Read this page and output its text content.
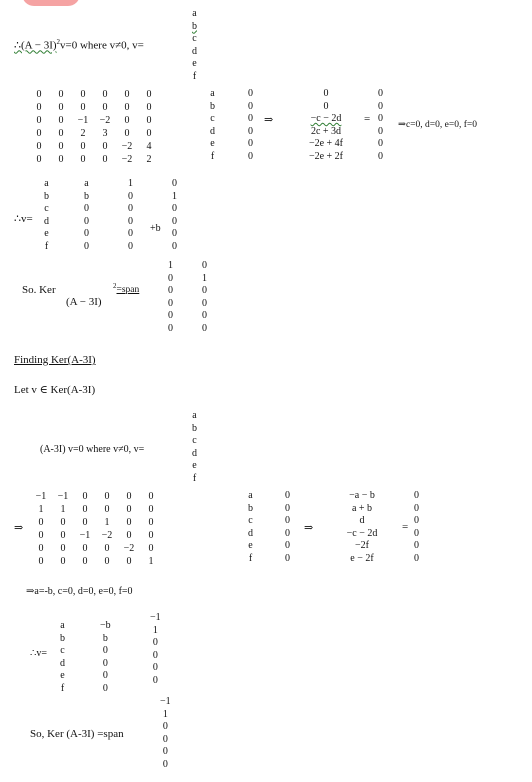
∴(A − 3I)$^2$v=0 where v≠0, v=
a
b
c
d
e
f
0	0	0	0	0	0
0	0	0	0	0	0
0	0	−1	−2	0	0
0	0	2	3	0	0
0	0	0	0	−2	4
0	0	0	0	−2	2
a
b
c
d
e
f
0
0
0
0
0
0
⇒
0
0
−c − 2d
2c + 3d
−2e + 4f
−2e + 2f
=
0
0
0
0
0
0
⇒c=0, d=0, e=0, f=0
∴v=
a
b
c
d
e
f
a
b
0
0
0
0
1
0
0
0
0
0
+b
0
1
0
0
0
0
So. Ker
(A − 3I)
$^2$=span
1
0
0
0
0
0
0
1
0
0
0
0
Finding Ker(A-3I)
Let v ∈ Ker(A-3I)
(A-3I) v=0 where v≠0, v=
a
b
c
d
e
f
⇒
−1	−1	0	0	0	0
1	1	0	0	0	0
0	0	0	1	0	0
0	0	−1	−2	0	0
0	0	0	0	−2	0
0	0	0	0	0	1
a
b
c
d
e
f
0
0
0
0
0
0
⇒
−a − b
a + b
d
−c − 2d
−2f
e − 2f
=
0
0
0
0
0
0
⇒a=-b, c=0, d=0, e=0, f=0
∴v=
a
b
c
d
e
f
−b
b
0
0
0
0
−1
1
0
0
0
0
So, Ker (A-3I) =span
−1
1
0
0
0
0
